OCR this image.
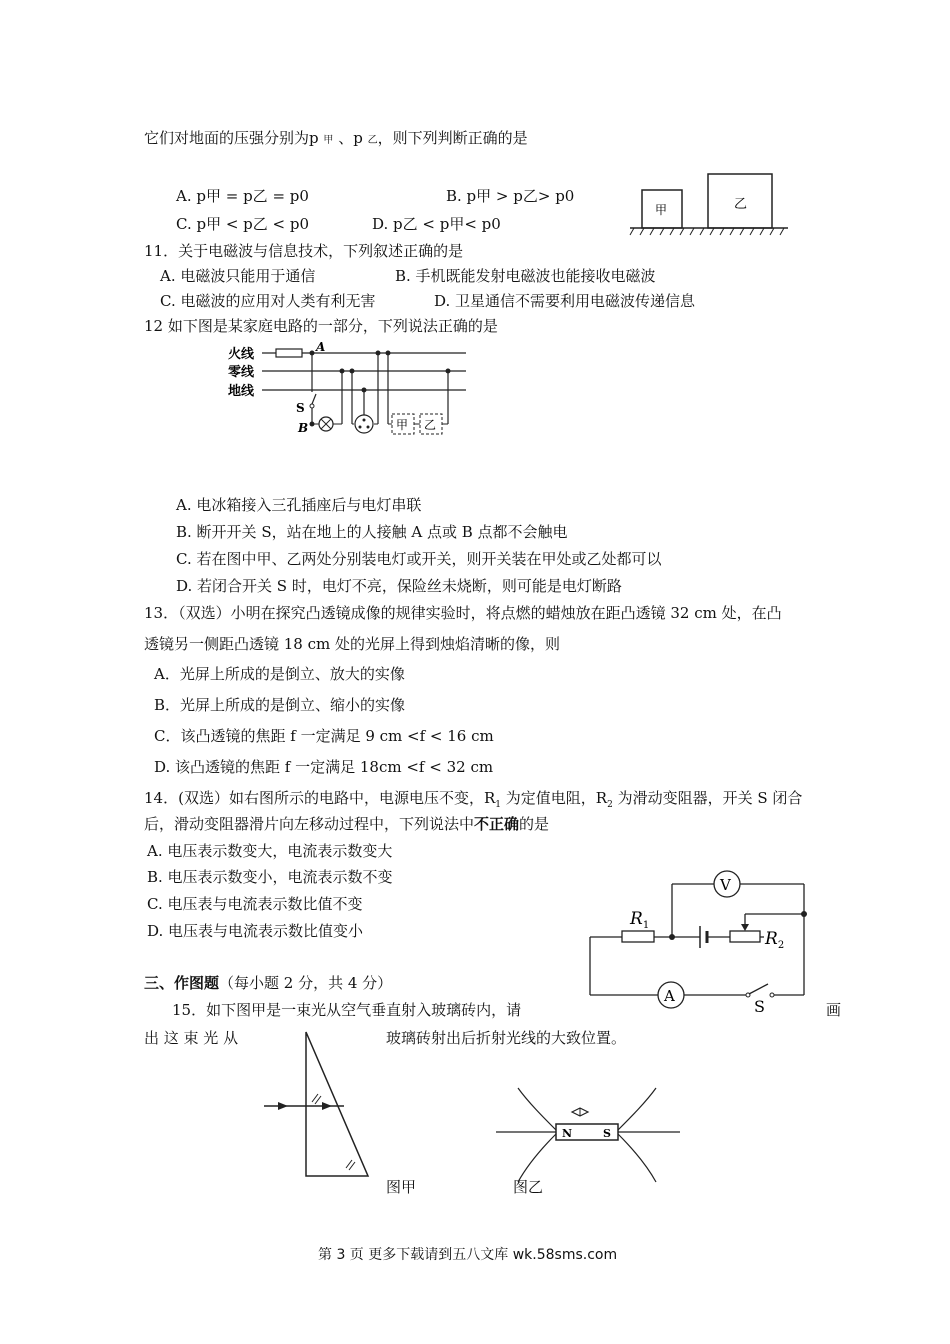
它们对地面的压强分别为p 甲 、p 乙，则下列判断正确的是
A. p甲 = p乙 = p0	B. p甲 > p乙> p0
C. p甲 < p乙 < p0	D. p乙 < p甲< p0
甲	乙
11．关于电磁波与信息技术，下列叙述正确的是
A. 电磁波只能用于通信	B. 手机既能发射电磁波也能接收电磁波
C. 电磁波的应用对人类有利无害	D. 卫星通信不需要利用电磁波传递信息
12 如下图是某家庭电路的一部分，下列说法正确的是
火线
零线
地线
A
S
B	甲 乙
A. 电冰箱接入三孔插座后与电灯串联
B. 断开开关 S，站在地上的人接触 A 点或 B 点都不会触电
C. 若在图中甲、乙两处分别装电灯或开关，则开关装在甲处或乙处都可以
D. 若闭合开关 S 时，电灯不亮，保险丝未烧断，则可能是电灯断路
13．（双选）小明在探究凸透镜成像的规律实验时，将点燃的蜡烛放在距凸透镜 32 cm 处，在凸
透镜另一侧距凸透镜 18 cm 处的光屏上得到烛焰清晰的像，则
A．光屏上所成的是倒立、放大的实像
B．光屏上所成的是倒立、缩小的实像
C．该凸透镜的焦距 f 一定满足 9 cm <f < 16 cm
D. 该凸透镜的焦距 f 一定满足 18cm <f < 32 cm
14．(双选）如右图所示的电路中，电源电压不变，$R_1$ 为定值电阻，$R_2$ 为滑动变阻器，开关 S 闭合
后，滑动变阻器滑片向左移动过程中，下列说法中不正确的是
A. 电压表示数变大，电流表示数变大
B. 电压表示数变小，电流表示数不变
C. 电压表与电流表示数比值不变
D. 电压表与电流表示数比值变小
V
$R_1$
$R_2$
A
S
三、作图题（每小题 2 分，共 4 分）
15．如下图甲是一束光从空气垂直射入玻璃砖内，请	画
出 这 束 光 从	玻璃砖射出后折射光线的大致位置。
图甲
N	S
图乙
第 3 页 更多下载请到五八文库 wk.58sms.com
